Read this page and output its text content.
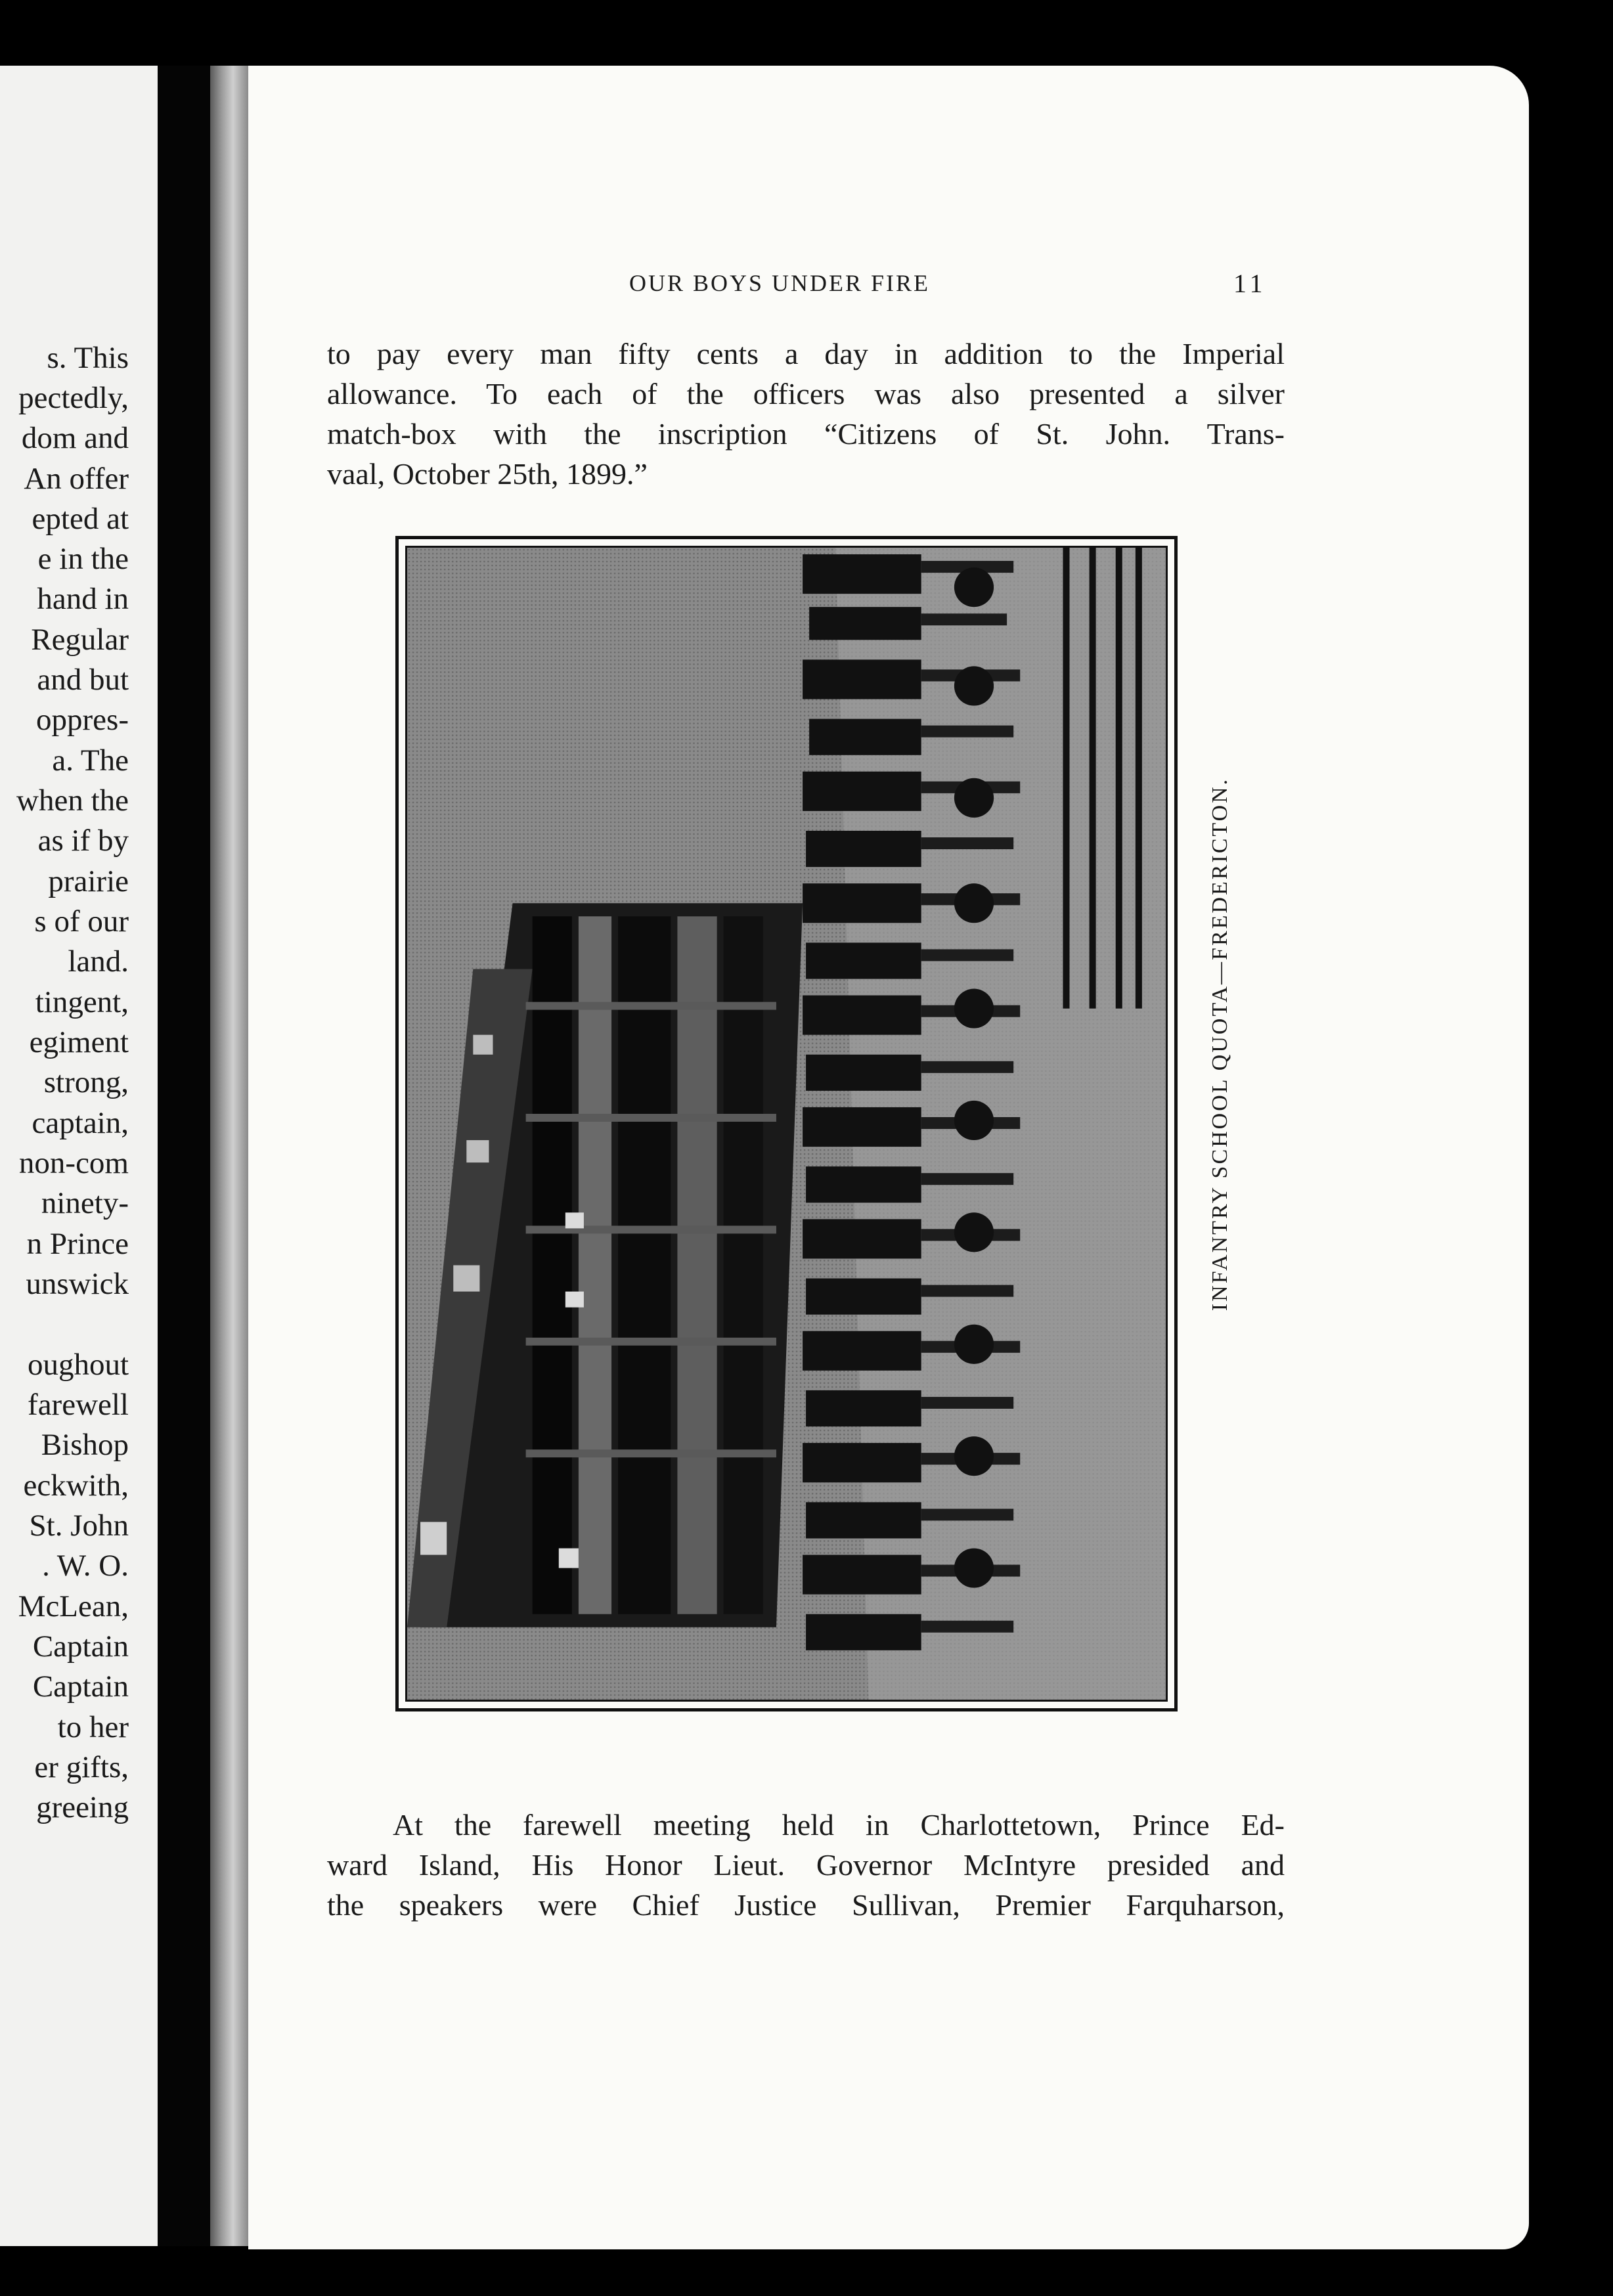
s. This
pectedly,
dom and
An offer
epted at
e in the
hand in
Regular
and but
oppres-
a. The
when the
as if by
prairie
s of our
land.
tingent,
egiment
strong,
captain,
non-com
ninety-
n Prince
unswick
oughout
farewell
Bishop
eckwith,
St. John
. W. O.
McLean,
Captain
Captain
to her
er gifts,
greeing
OUR BOYS UNDER FIRE	11
to pay every man fifty cents a day in addition to the Imperial
allowance. To each of the officers was also presented a silver
match-box with the inscription “Citizens of St. John. Trans-
vaal, October 25th, 1899.”
INFANTRY SCHOOL QUOTA—FREDERICTON.
At the farewell meeting held in Charlottetown, Prince Ed-
ward Island, His Honor Lieut. Governor McIntyre presided and
the speakers were Chief Justice Sullivan, Premier Farquharson,
